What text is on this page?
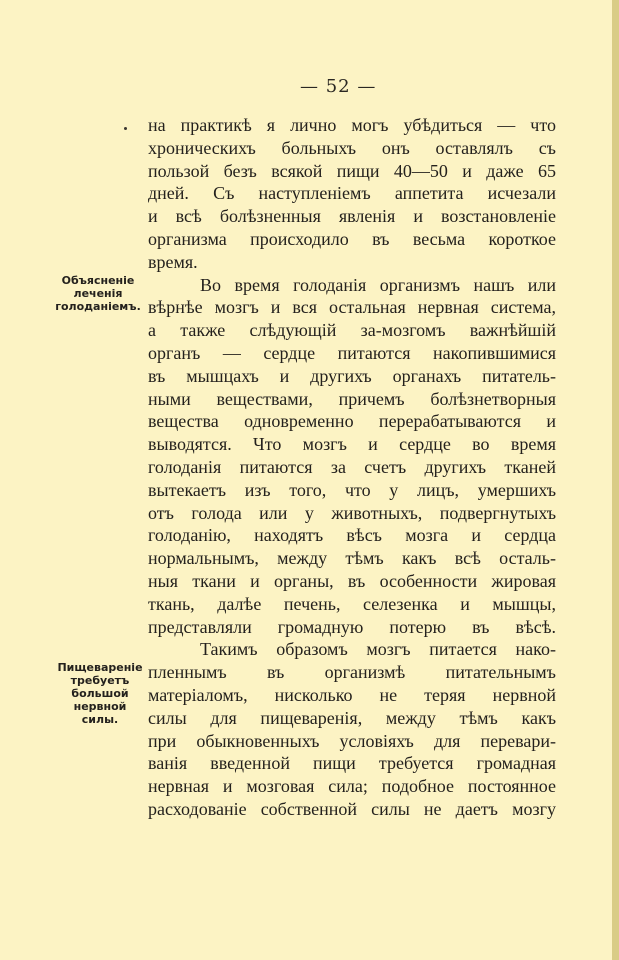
— 52 —
Объясненіе
леченія
голоданіемъ.
Пищевареніе
требуетъ
большой
нервной
силы.
на практикѣ я лично могъ убѣдиться — что
хроническихъ больныхъ онъ оставлялъ съ
пользой безъ всякой пищи 40—50 и даже 65
дней. Съ наступленіемъ аппетита исчезали
и всѣ болѣзненныя явленія и возстановленіе
организма происходило въ весьма короткое
время.
Во время голоданія организмъ нашъ или
вѣрнѣе мозгъ и вся остальная нервная система,
а также слѣдующій за-мозгомъ важнѣйшій
органъ — сердце питаются накопившимися
въ мышцахъ и другихъ органахъ питатель-
ными веществами, причемъ болѣзнетворныя
вещества одновременно перерабатываются и
выводятся. Что мозгъ и сердце во время
голоданія питаются за счетъ другихъ тканей
вытекаетъ изъ того, что у лицъ, умершихъ
отъ голода или у животныхъ, подвергнутыхъ
голоданію, находятъ вѣсъ мозга и сердца
нормальнымъ, между тѣмъ какъ всѣ осталь-
ныя ткани и органы, въ особенности жировая
ткань, далѣе печень, селезенка и мышцы,
представляли громадную потерю въ вѣсѣ.
Такимъ образомъ мозгъ питается нако-
пленнымъ въ организмѣ питательнымъ
матеріаломъ, нисколько не теряя нервной
силы для пищеваренія, между тѣмъ какъ
при обыкновенныхъ условіяхъ для перевари-
ванія введенной пищи требуется громадная
нервная и мозговая сила; подобное постоянное
расходованіе собственной силы не даетъ мозгу
